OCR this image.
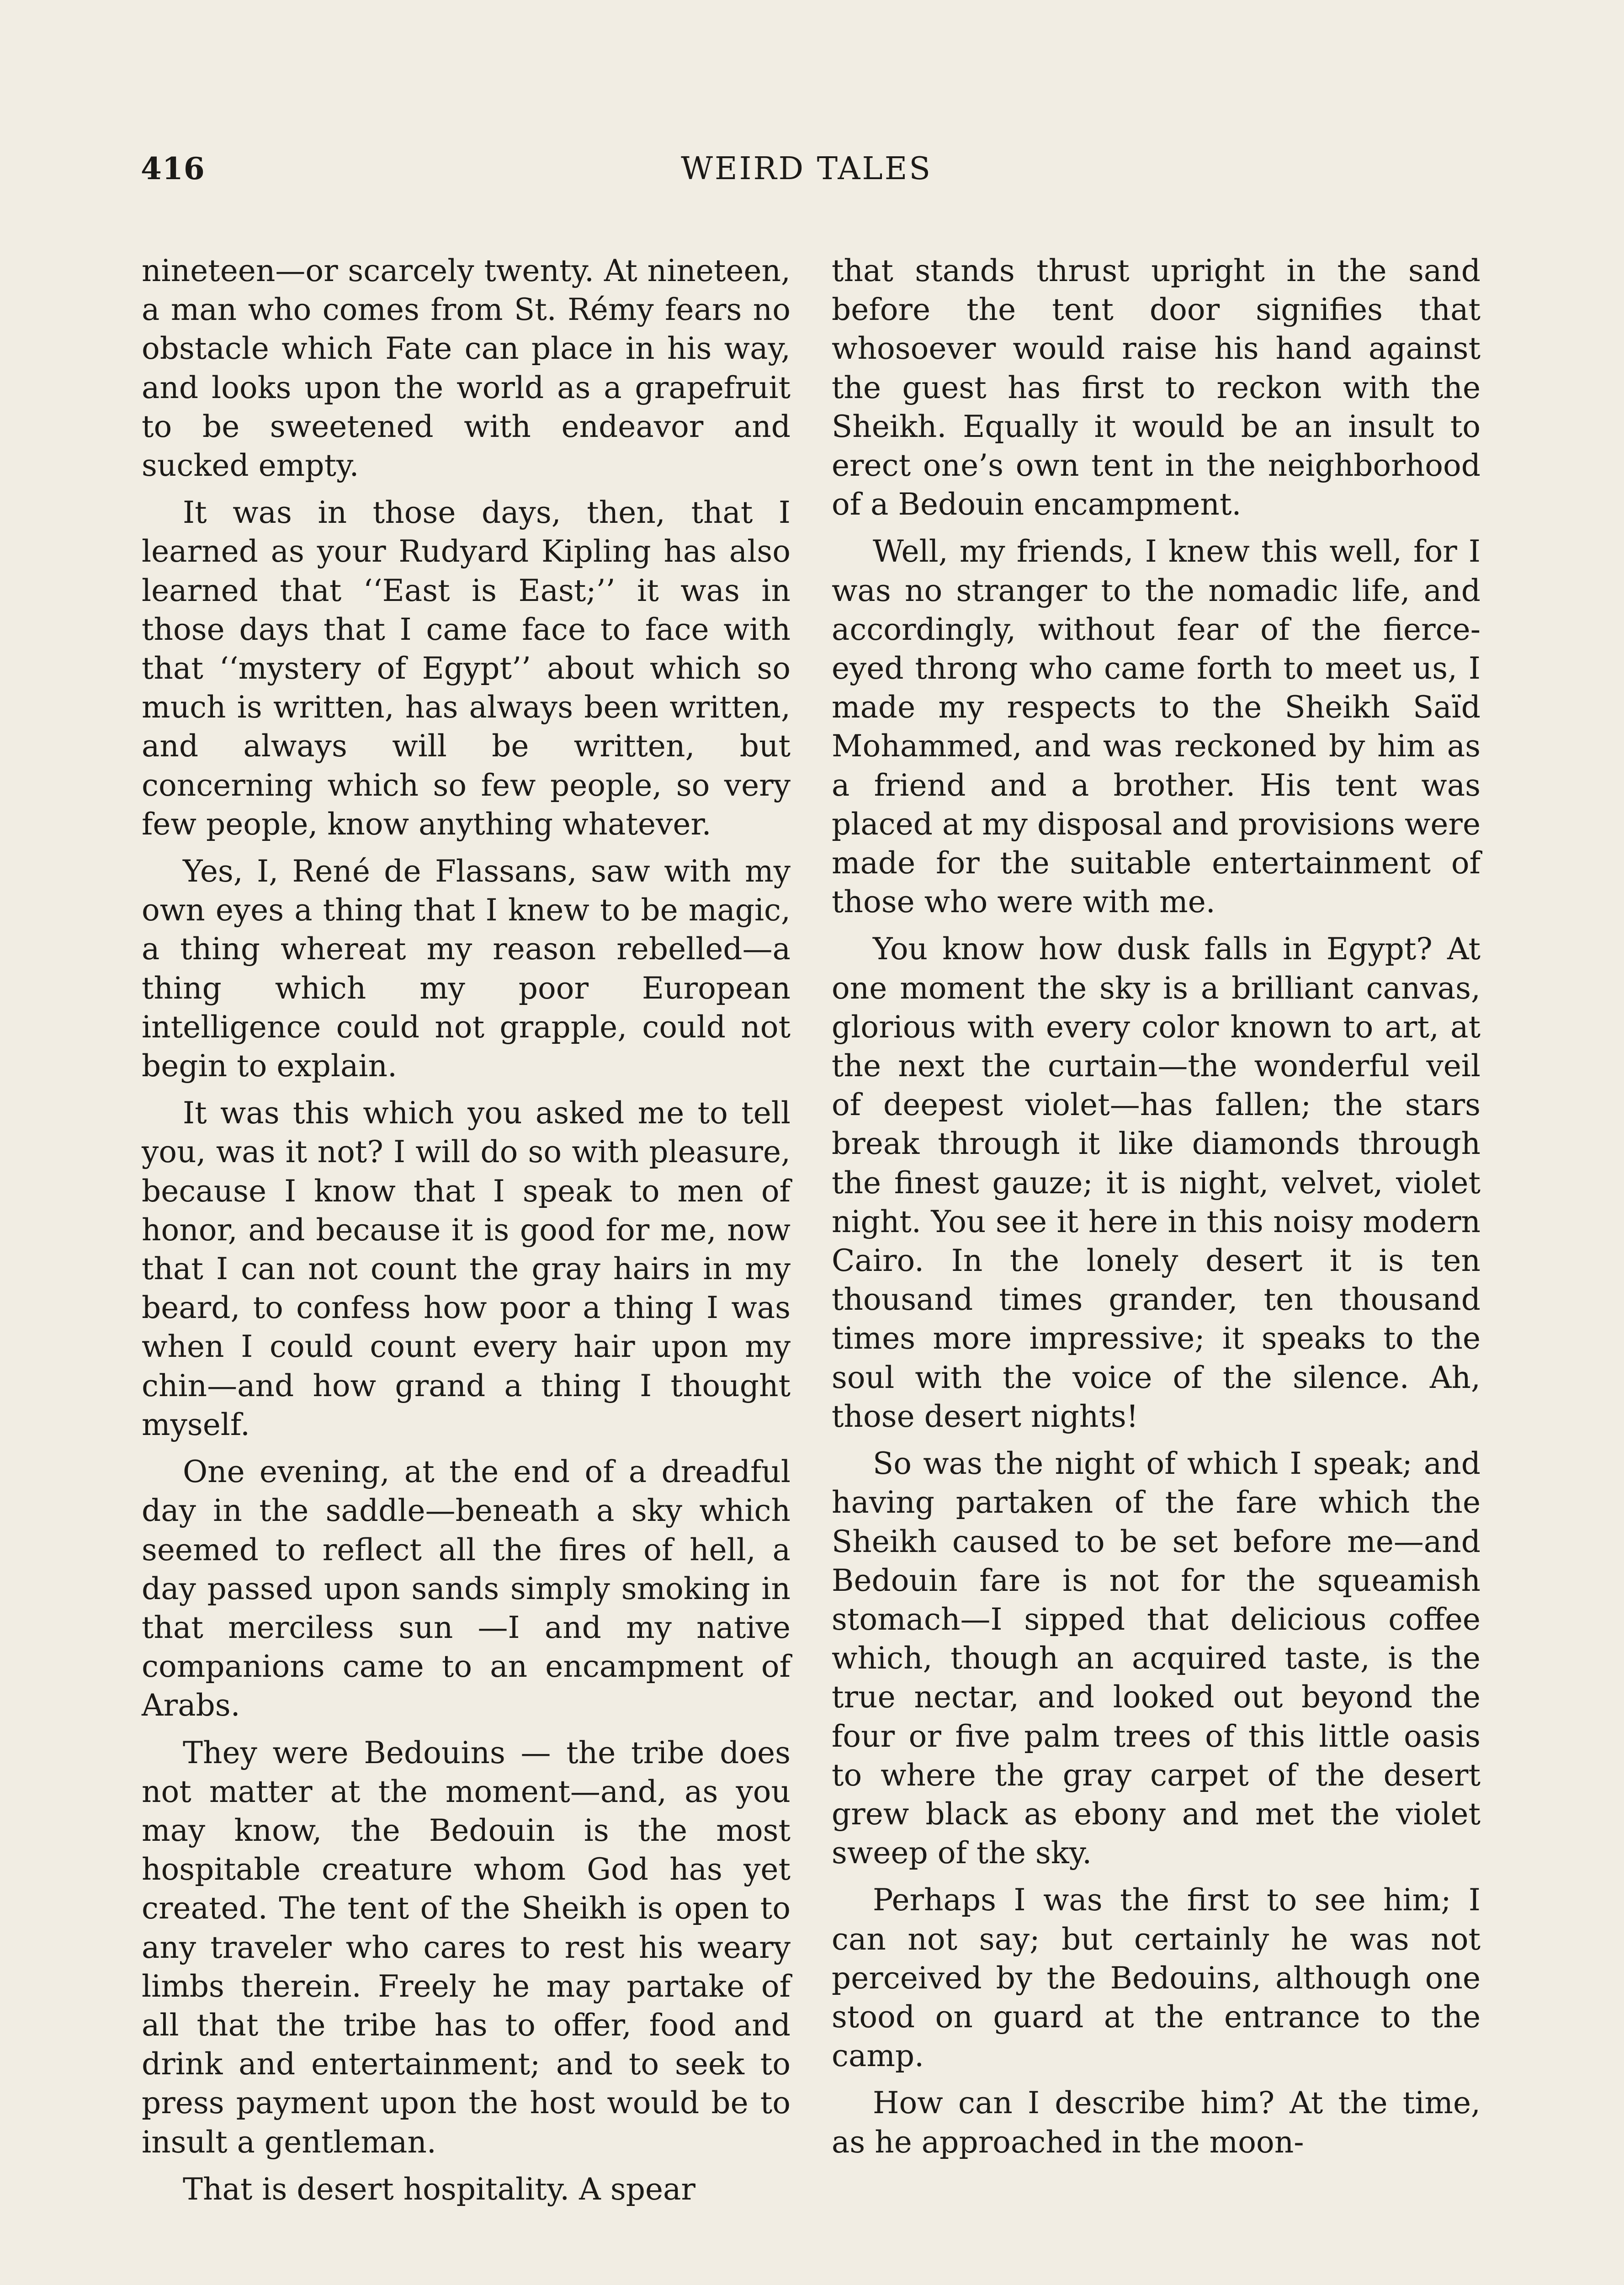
416	WEIRD TALES

nineteen—or scarcely twenty. At nineteen, a man who comes from St. Rémy fears no obstacle which Fate can place in his way, and looks upon the world as a grapefruit to be sweetened with endeavor and sucked empty.

It was in those days, then, that I learned as your Rudyard Kipling has also learned that ‘‘East is East;’’ it was in those days that I came face to face with that ‘‘mystery of Egypt’’ about which so much is written, has always been written, and always will be written, but concerning which so few people, so very few people, know anything whatever.

Yes, I, René de Flassans, saw with my own eyes a thing that I knew to be magic, a thing whereat my reason rebelled—a thing which my poor European intelligence could not grapple, could not begin to explain.

It was this which you asked me to tell you, was it not? I will do so with pleasure, because I know that I speak to men of honor, and because it is good for me, now that I can not count the gray hairs in my beard, to confess how poor a thing I was when I could count every hair upon my chin—and how grand a thing I thought myself.

One evening, at the end of a dreadful day in the saddle—beneath a sky which seemed to reflect all the fires of hell, a day passed upon sands simply smoking in that merciless sun —I and my native companions came to an encampment of Arabs.

They were Bedouins — the tribe does not matter at the moment—and, as you may know, the Bedouin is the most hospitable creature whom God has yet created. The tent of the Sheikh is open to any traveler who cares to rest his weary limbs therein. Freely he may partake of all that the tribe has to offer, food and drink and entertainment; and to seek to press payment upon the host would be to insult a gentleman.

That is desert hospitality. A spear

that stands thrust upright in the sand before the tent door signifies that whosoever would raise his hand against the guest has first to reckon with the Sheikh. Equally it would be an insult to erect one’s own tent in the neighborhood of a Bedouin encampment.

Well, my friends, I knew this well, for I was no stranger to the nomadic life, and accordingly, without fear of the fierce-eyed throng who came forth to meet us, I made my respects to the Sheikh Saïd Mohammed, and was reckoned by him as a friend and a brother. His tent was placed at my disposal and provisions were made for the suitable entertainment of those who were with me.

You know how dusk falls in Egypt? At one moment the sky is a brilliant canvas, glorious with every color known to art, at the next the curtain—the wonderful veil of deepest violet—has fallen; the stars break through it like diamonds through the finest gauze; it is night, velvet, violet night. You see it here in this noisy modern Cairo. In the lonely desert it is ten thousand times grander, ten thousand times more impressive; it speaks to the soul with the voice of the silence. Ah, those desert nights!

So was the night of which I speak; and having partaken of the fare which the Sheikh caused to be set before me—and Bedouin fare is not for the squeamish stomach—I sipped that delicious coffee which, though an acquired taste, is the true nectar, and looked out beyond the four or five palm trees of this little oasis to where the gray carpet of the desert grew black as ebony and met the violet sweep of the sky.

Perhaps I was the first to see him; I can not say; but certainly he was not perceived by the Bedouins, although one stood on guard at the entrance to the camp.

How can I describe him? At the time, as he approached in the moon-
